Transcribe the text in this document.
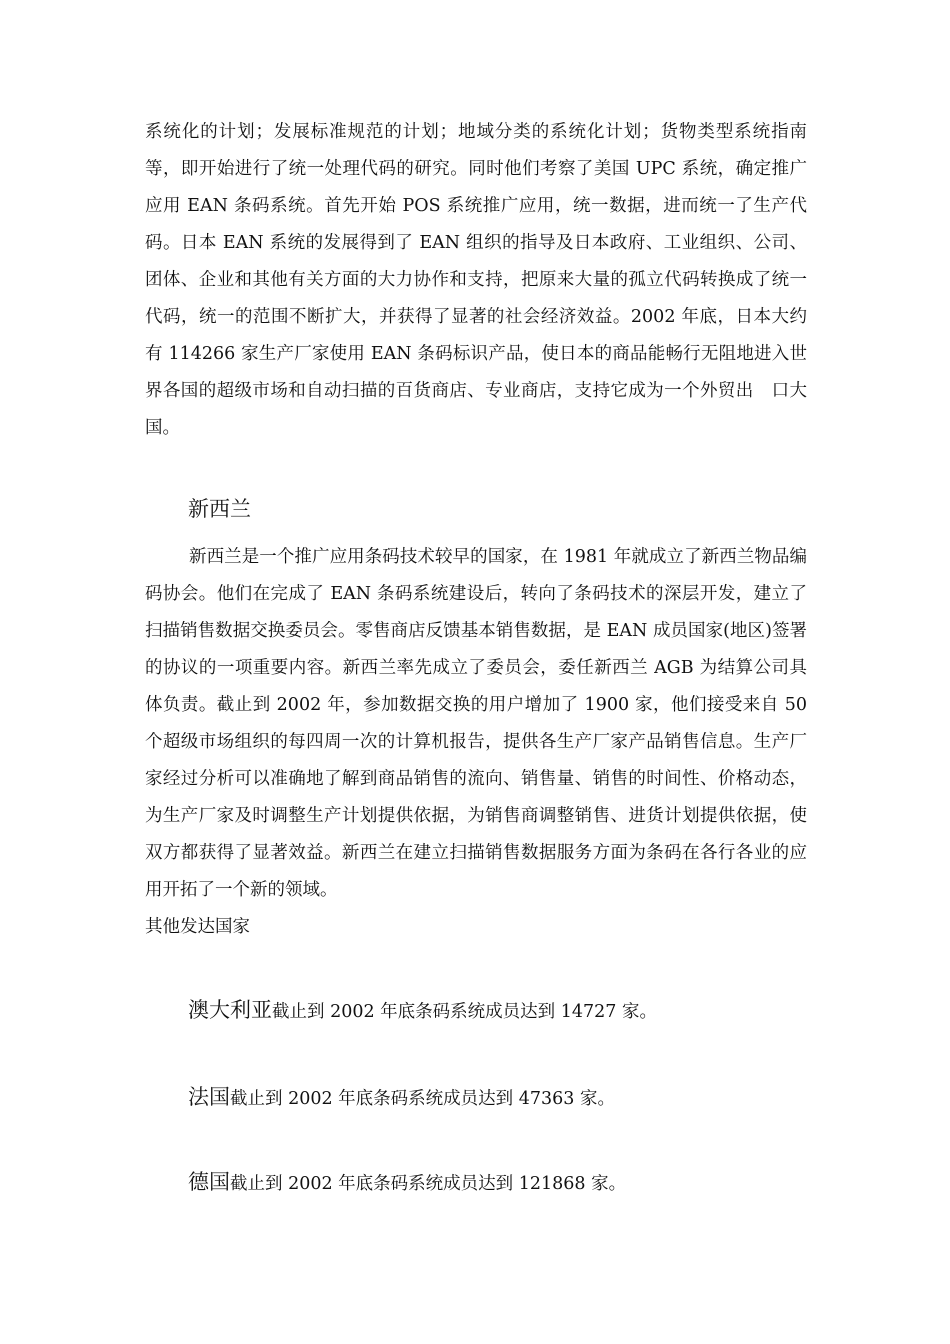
系统化的计划；发展标准规范的计划；地域分类的系统化计划；货物类型系统指南等，即开始进行了统一处理代码的研究。同时他们考察了美国 UPC 系统，确定推广应用 EAN 条码系统。首先开始 POS 系统推广应用，统一数据，进而统一了生产代码。日本 EAN 系统的发展得到了 EAN 组织的指导及日本政府、工业组织、公司、团体、企业和其他有关方面的大力协作和支持，把原来大量的孤立代码转换成了统一代码，统一的范围不断扩大，并获得了显著的社会经济效益。2002 年底，日本大约有 114266 家生产厂家使用 EAN 条码标识产品，使日本的商品能畅行无阻地进入世界各国的超级市场和自动扫描的百货商店、专业商店，支持它成为一个外贸出　口大国。

新西兰

新西兰是一个推广应用条码技术较早的国家，在 1981 年就成立了新西兰物品编码协会。他们在完成了 EAN 条码系统建设后，转向了条码技术的深层开发，建立了扫描销售数据交换委员会。零售商店反馈基本销售数据，是 EAN 成员国家(地区)签署的协议的一项重要内容。新西兰率先成立了委员会，委任新西兰 AGB 为结算公司具体负责。截止到 2002 年，参加数据交换的用户增加了 1900 家，他们接受来自 50 个超级市场组织的每四周一次的计算机报告，提供各生产厂家产品销售信息。生产厂家经过分析可以准确地了解到商品销售的流向、销售量、销售的时间性、价格动态，为生产厂家及时调整生产计划提供依据，为销售商调整销售、进货计划提供依据，使双方都获得了显著效益。新西兰在建立扫描销售数据服务方面为条码在各行各业的应用开拓了一个新的领域。

其他发达国家

澳大利亚截止到 2002 年底条码系统成员达到 14727 家。

法国截止到 2002 年底条码系统成员达到 47363 家。

德国截止到 2002 年底条码系统成员达到 121868 家。
